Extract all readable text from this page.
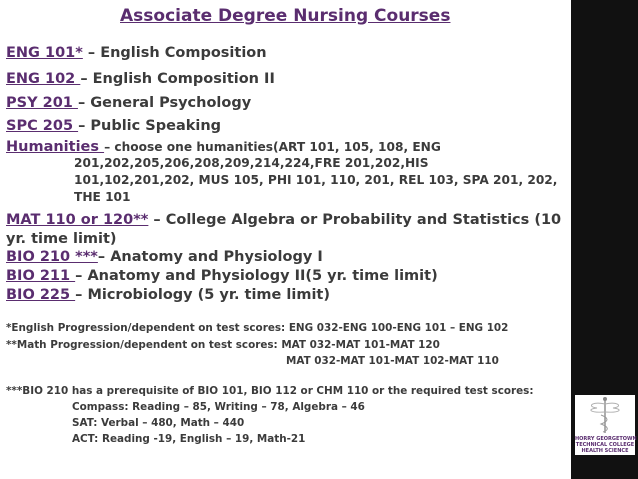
Associate Degree Nursing Courses
ENG 101* – English Composition
ENG 102 – English Composition II
PSY 201 – General Psychology
SPC 205 – Public Speaking
Humanities – choose one humanities(ART 101, 105, 108, ENG
201,202,205,206,208,209,214,224,FRE 201,202,HIS
101,102,201,202, MUS 105, PHI 101, 110, 201, REL 103, SPA 201, 202,
THE 101
MAT 110 or 120** – College Algebra or Probability and Statistics (10 yr. time limit)
BIO 210 ***– Anatomy and Physiology I
BIO 211 – Anatomy and Physiology II(5 yr. time limit)
BIO 225 – Microbiology (5 yr. time limit)
*English Progression/dependent on test scores: ENG 032-ENG 100-ENG 101 – ENG 102
**Math Progression/dependent on test scores: MAT 032-MAT 101-MAT 120
MAT 032-MAT 101-MAT 102-MAT 110
***BIO 210 has a prerequisite of BIO 101, BIO 112 or CHM 110 or the required test scores:
Compass: Reading – 85, Writing – 78, Algebra – 46
SAT: Verbal – 480, Math – 440
ACT: Reading -19, English – 19, Math-21	HORRY GEORGETOWN
TECHNICAL COLLEGE
HEALTH SCIENCE
